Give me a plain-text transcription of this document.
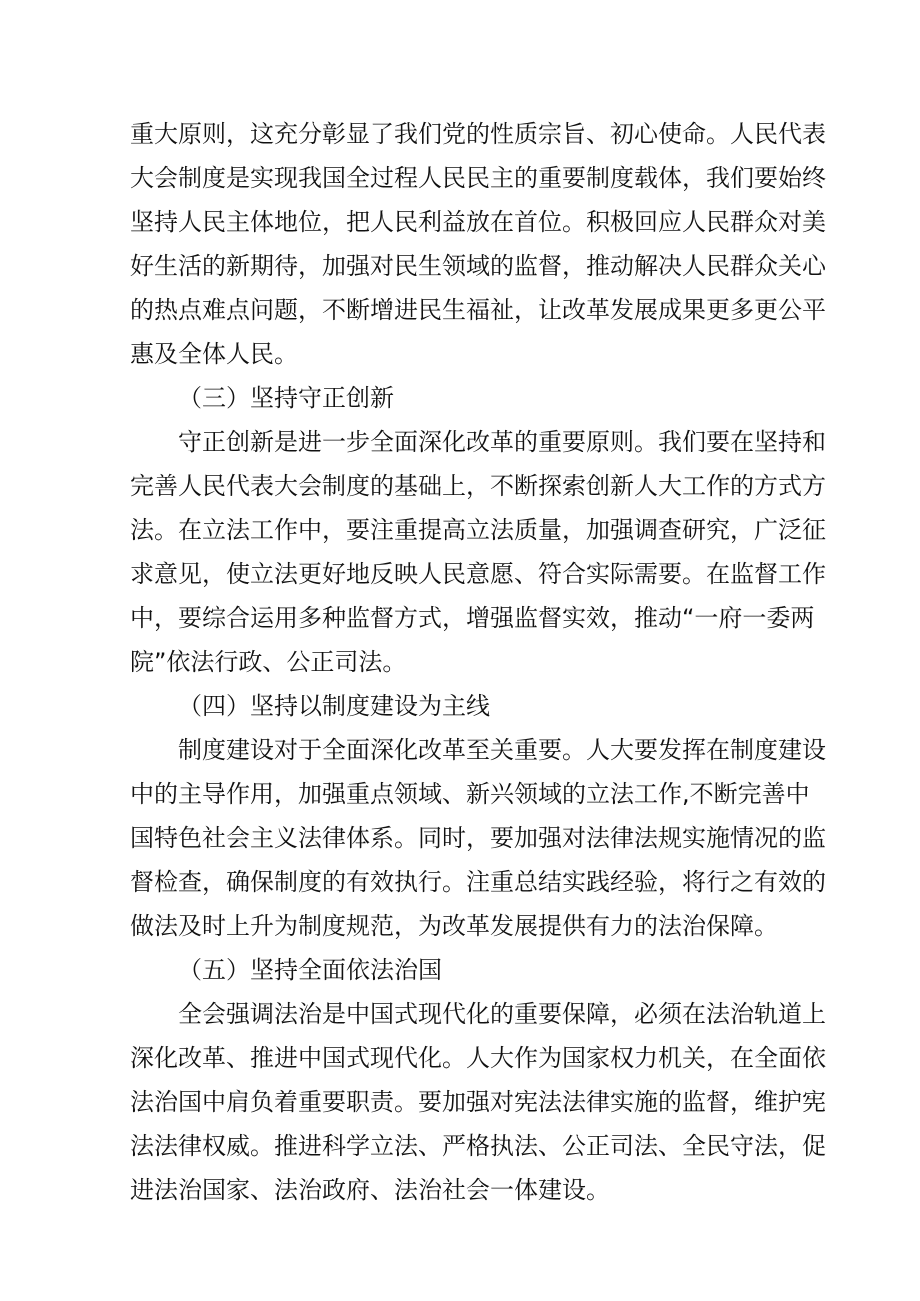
重大原则，这充分彰显了我们党的性质宗旨、初心使命。人民代表
大会制度是实现我国全过程人民民主的重要制度载体，我们要始终
坚持人民主体地位，把人民利益放在首位。积极回应人民群众对美
好生活的新期待，加强对民生领域的监督，推动解决人民群众关心
的热点难点问题，不断增进民生福祉，让改革发展成果更多更公平
惠及全体人民。
（三）坚持守正创新
守正创新是进一步全面深化改革的重要原则。我们要在坚持和
完善人民代表大会制度的基础上，不断探索创新人大工作的方式方
法。在立法工作中，要注重提高立法质量，加强调查研究，广泛征
求意见，使立法更好地反映人民意愿、符合实际需要。在监督工作
中，要综合运用多种监督方式，增强监督实效，推动“一府一委两
院”依法行政、公正司法。
（四）坚持以制度建设为主线
制度建设对于全面深化改革至关重要。人大要发挥在制度建设
中的主导作用，加强重点领域、新兴领域的立法工作,不断完善中
国特色社会主义法律体系。同时，要加强对法律法规实施情况的监
督检查，确保制度的有效执行。注重总结实践经验，将行之有效的
做法及时上升为制度规范，为改革发展提供有力的法治保障。
（五）坚持全面依法治国
全会强调法治是中国式现代化的重要保障，必须在法治轨道上
深化改革、推进中国式现代化。人大作为国家权力机关，在全面依
法治国中肩负着重要职责。要加强对宪法法律实施的监督，维护宪
法法律权威。推进科学立法、严格执法、公正司法、全民守法，促
进法治国家、法治政府、法治社会一体建设。
